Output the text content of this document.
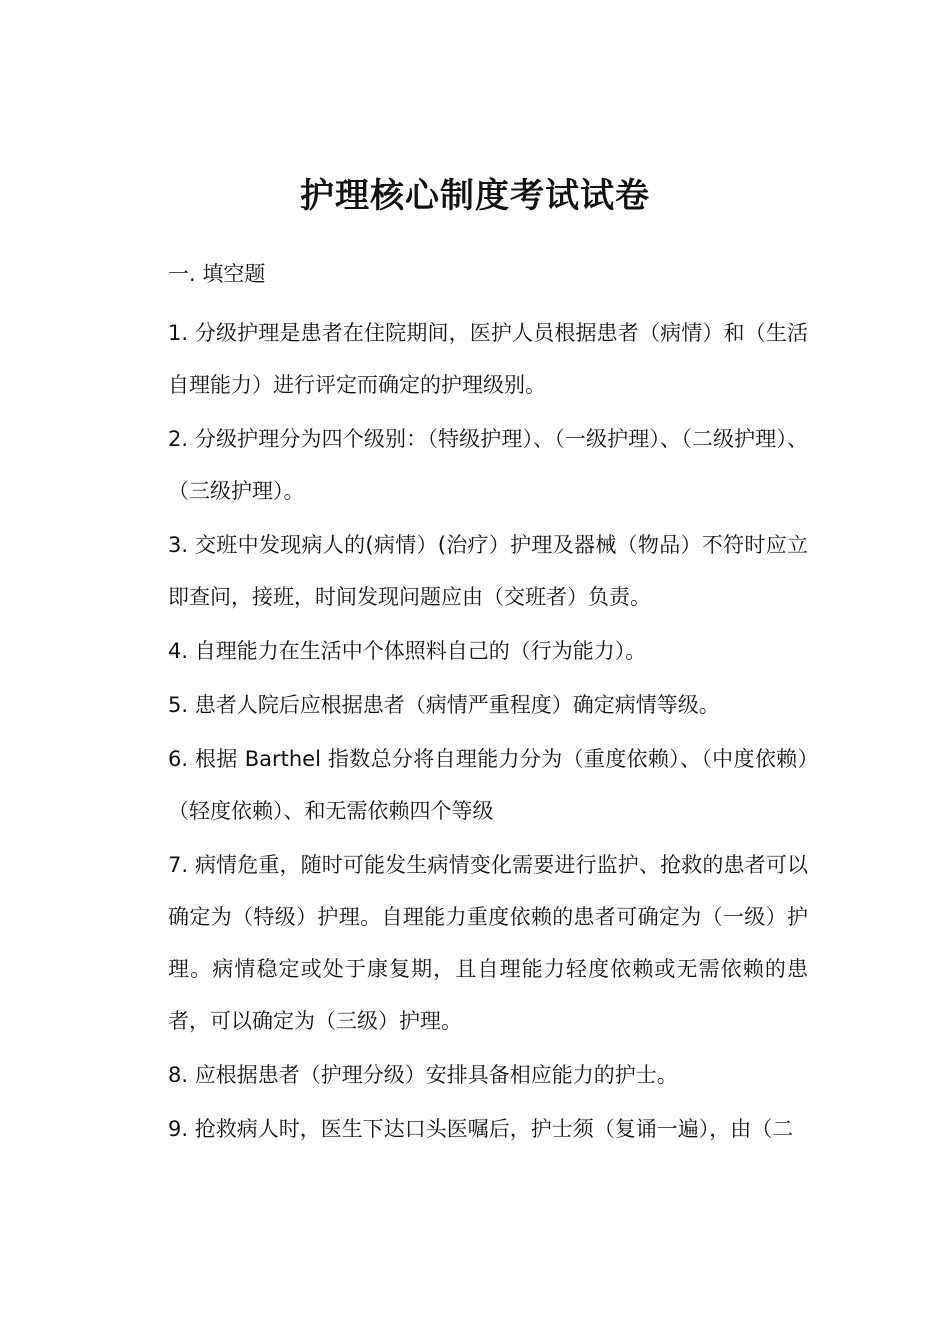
护理核心制度考试试卷
一. 填空题
1. 分级护理是患者在住院期间，医护人员根据患者（病情）和（生活自理能力）进行评定而确定的护理级别。
2. 分级护理分为四个级别：（特级护理）、（一级护理）、（二级护理）、（三级护理）。
3. 交班中发现病人的(病情）(治疗）护理及器械（物品）不符时应立即查问，接班，时间发现问题应由（交班者）负责。
4. 自理能力在生活中个体照料自己的（行为能力）。
5. 患者人院后应根据患者（病情严重程度）确定病情等级。
6. 根据 Barthel 指数总分将自理能力分为（重度依赖）、（中度依赖）（轻度依赖）、和无需依赖四个等级
7. 病情危重，随时可能发生病情变化需要进行监护、抢救的患者可以确定为（特级）护理。自理能力重度依赖的患者可确定为（一级）护理。病情稳定或处于康复期，且自理能力轻度依赖或无需依赖的患者，可以确定为（三级）护理。
8. 应根据患者（护理分级）安排具备相应能力的护士。
9. 抢救病人时，医生下达口头医嘱后，护士须（复诵一遍），由（二
